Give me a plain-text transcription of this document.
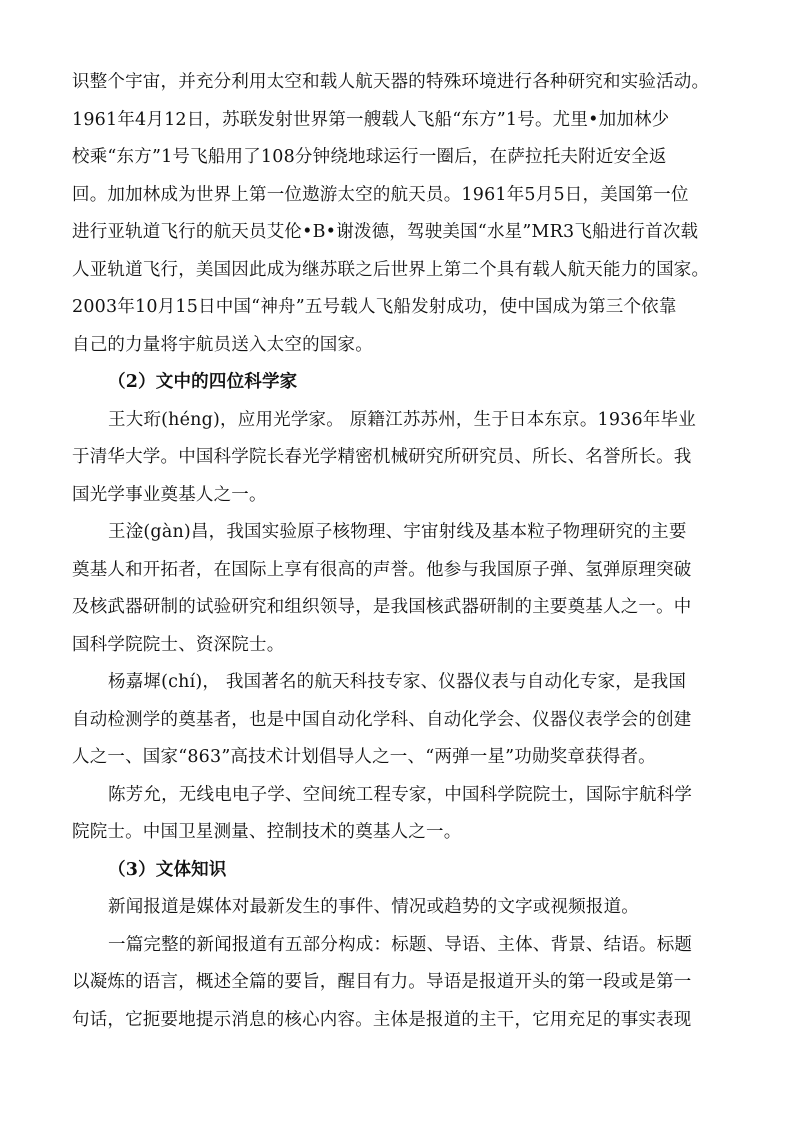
识整个宇宙，并充分利用太空和载人航天器的特殊环境进行各种研究和实验活动。
1961年4月12日，苏联发射世界第一艘载人飞船“东方”1号。尤里•加加林少
校乘“东方”1号飞船用了108分钟绕地球运行一圈后，在萨拉托夫附近安全返
回。加加林成为世界上第一位遨游太空的航天员。1961年5月5日，美国第一位
进行亚轨道飞行的航天员艾伦•B•谢泼德，驾驶美国“水星”MR3飞船进行首次载
人亚轨道飞行，美国因此成为继苏联之后世界上第二个具有载人航天能力的国家。
2003年10月15日中国“神舟”五号载人飞船发射成功，使中国成为第三个依靠
自己的力量将宇航员送入太空的国家。
（2）文中的四位科学家
王大珩(héng)，应用光学家。 原籍江苏苏州，生于日本东京。1936年毕业
于清华大学。中国科学院长春光学精密机械研究所研究员、所长、名誉所长。我
国光学事业奠基人之一。
王淦(gàn)昌，我国实验原子核物理、宇宙射线及基本粒子物理研究的主要
奠基人和开拓者，在国际上享有很高的声誉。他参与我国原子弹、氢弹原理突破
及核武器研制的试验研究和组织领导，是我国核武器研制的主要奠基人之一。中
国科学院院士、资深院士。
杨嘉墀(chí)， 我国著名的航天科技专家、仪器仪表与自动化专家，是我国
自动检测学的奠基者，也是中国自动化学科、自动化学会、仪器仪表学会的创建
人之一、国家“863”高技术计划倡导人之一、“两弹一星”功勋奖章获得者。
陈芳允，无线电电子学、空间统工程专家，中国科学院院士，国际宇航科学
院院士。中国卫星测量、控制技术的奠基人之一。
（3）文体知识
新闻报道是媒体对最新发生的事件、情况或趋势的文字或视频报道。
一篇完整的新闻报道有五部分构成：标题、导语、主体、背景、结语。标题
以凝炼的语言，概述全篇的要旨，醒目有力。导语是报道开头的第一段或是第一
句话，它扼要地提示消息的核心内容。主体是报道的主干，它用充足的事实表现
